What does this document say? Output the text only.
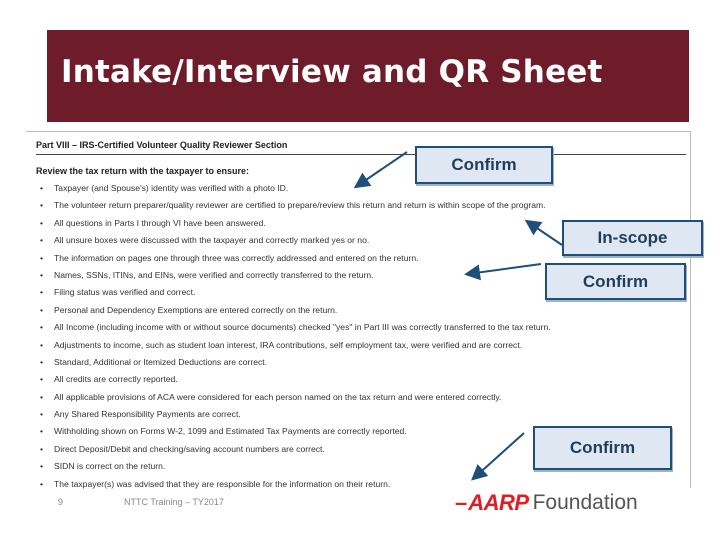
Intake/Interview and QR Sheet
Part VIII – IRS-Certified Volunteer Quality Reviewer Section
Review the tax return with the taxpayer to ensure:
• Taxpayer (and Spouse's) identity was verified with a photo ID.
• The volunteer return preparer/quality reviewer are certified to prepare/review this return and return is within scope of the program.
• All questions in Parts I through VI have been answered.
• All unsure boxes were discussed with the taxpayer and correctly marked yes or no.
• The information on pages one through three was correctly addressed and entered on the return.
• Names, SSNs, ITINs, and EINs, were verified and correctly transferred to the return.
• Filing status was verified and correct.
• Personal and Dependency Exemptions are entered correctly on the return.
• All Income (including income with or without source documents) checked "yes" in Part III was correctly transferred to the tax return.
• Adjustments to income, such as student loan interest, IRA contributions, self employment tax, were verified and are correct.
• Standard, Additional or Itemized Deductions are correct.
• All credits are correctly reported.
• All applicable provisions of ACA were considered for each person named on the tax return and were entered correctly.
• Any Shared Responsibility Payments are correct.
• Withholding shown on Forms W-2, 1099 and Estimated Tax Payments are correctly reported.
• Direct Deposit/Debit and checking/saving account numbers are correct.
• SIDN is correct on the return.
• The taxpayer(s) was advised that they are responsible for the information on their return.
Confirm
In-scope
Confirm
Confirm
9	NTTC Training – TY2017	– AARP Foundation
